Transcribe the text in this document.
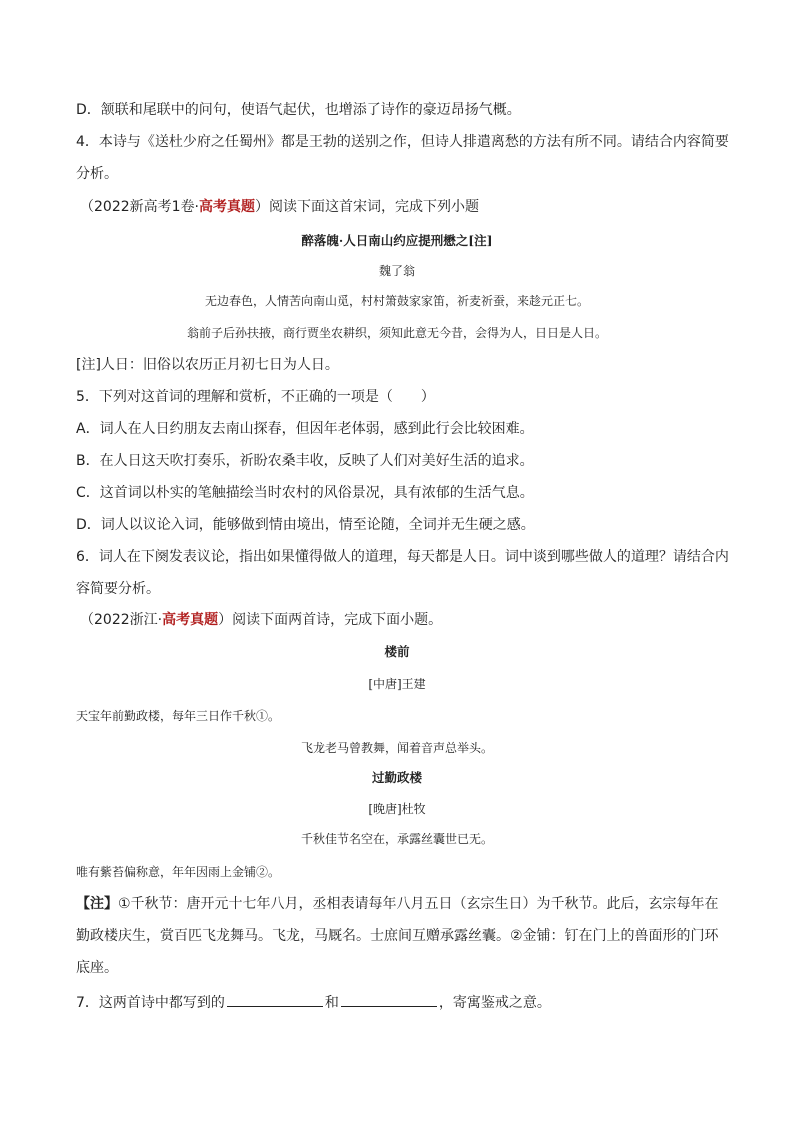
D．颔联和尾联中的问句，使语气起伏，也增添了诗作的豪迈昂扬气概。
4．本诗与《送杜少府之任蜀州》都是王勃的送别之作，但诗人排遣离愁的方法有所不同。请结合内容简要
分析。
（2022新高考1卷·高考真题）阅读下面这首宋词，完成下列小题
醉落魄·人日南山约应提刑懋之[注]
魏了翁
无边春色，人情苦向南山觅，村村箫鼓家家笛，祈麦祈蚕，来趁元正七。
翁前子后孙扶掖，商行贾坐农耕织，须知此意无今昔，会得为人，日日是人日。
[注]人日：旧俗以农历正月初七日为人日。
5．下列对这首词的理解和赏析，不正确的一项是（　　）
A．词人在人日约朋友去南山探春，但因年老体弱，感到此行会比较困难。
B．在人日这天吹打奏乐，祈盼农桑丰收，反映了人们对美好生活的追求。
C．这首词以朴实的笔触描绘当时农村的风俗景况，具有浓郁的生活气息。
D．词人以议论入词，能够做到情由境出，情至论随，全词并无生硬之感。
6．词人在下阕发表议论，指出如果懂得做人的道理，每天都是人日。词中谈到哪些做人的道理？请结合内
容简要分析。
（2022浙江·高考真题）阅读下面两首诗，完成下面小题。
楼前
[中唐]王建
天宝年前勤政楼，每年三日作千秋①。
飞龙老马曾教舞，闻着音声总举头。
过勤政楼
[晚唐]杜牧
千秋佳节名空在，承露丝囊世已无。
唯有紫苔偏称意，年年因雨上金铺②。
【注】①千秋节：唐开元十七年八月，丞相表请每年八月五日（玄宗生日）为千秋节。此后，玄宗每年在
勤政楼庆生，赏百匹飞龙舞马。飞龙，马厩名。士庶间互赠承露丝囊。②金铺：钉在门上的兽面形的门环
底座。
7．这两首诗中都写到的	和	，寄寓鉴戒之意。
